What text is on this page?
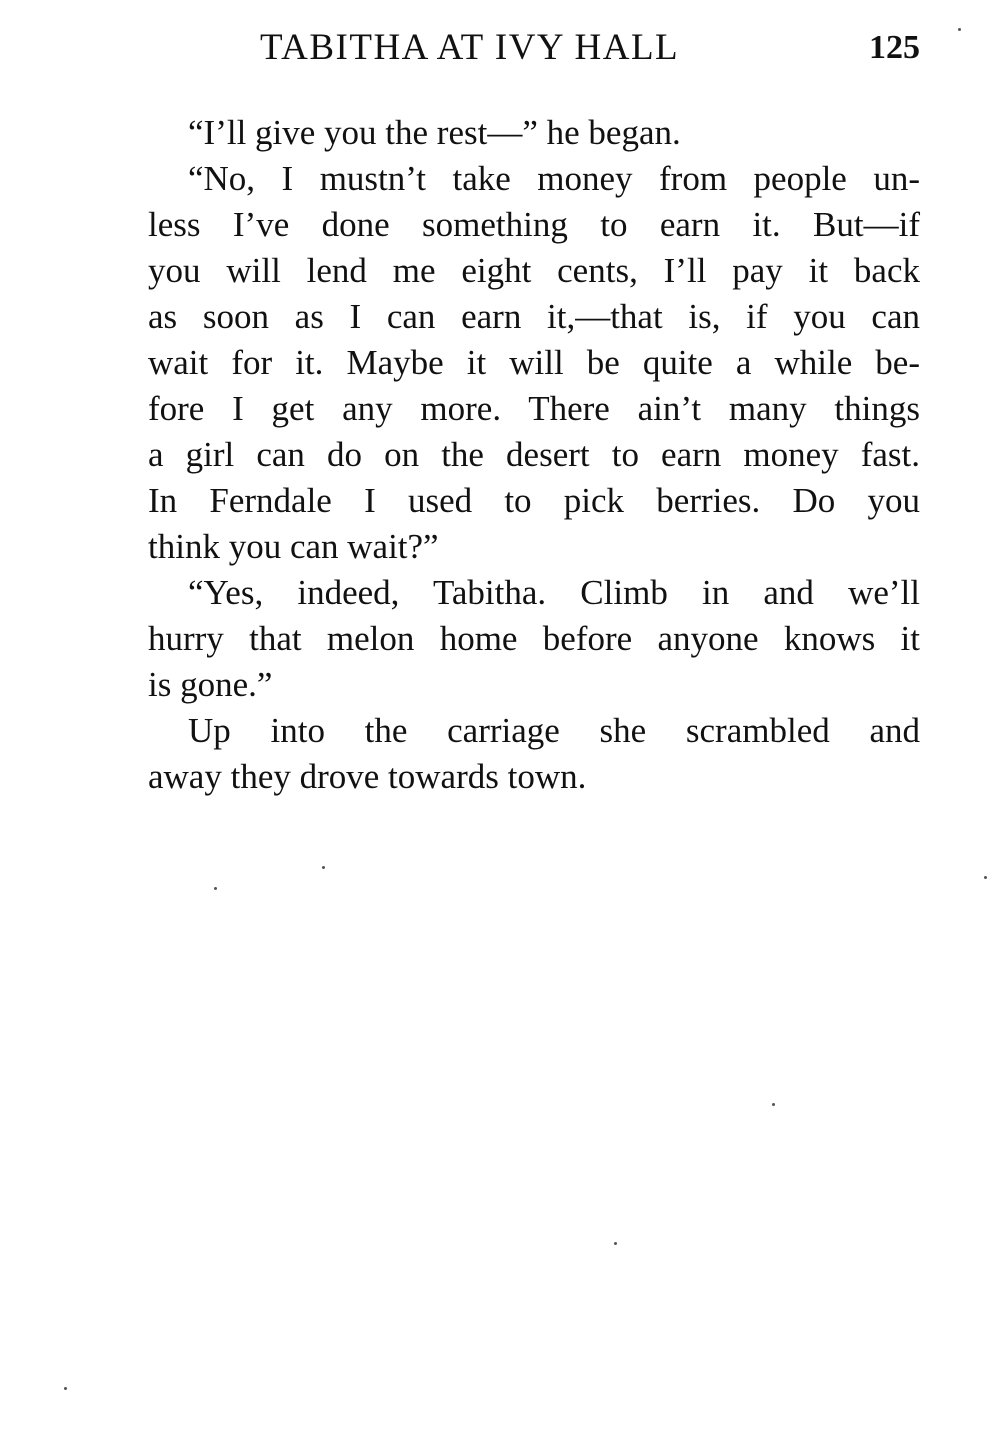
TABITHA AT IVY HALL	125
“I’ll give you the rest—” he began.
“No, I mustn’t take money from people un-
less I’ve done something to earn it. But—if
you will lend me eight cents, I’ll pay it back
as soon as I can earn it,—that is, if you can
wait for it. Maybe it will be quite a while be-
fore I get any more. There ain’t many things
a girl can do on the desert to earn money fast.
In Ferndale I used to pick berries. Do you
think you can wait?”
“Yes, indeed, Tabitha. Climb in and we’ll
hurry that melon home before anyone knows it
is gone.”
Up into the carriage she scrambled and
away they drove towards town.
